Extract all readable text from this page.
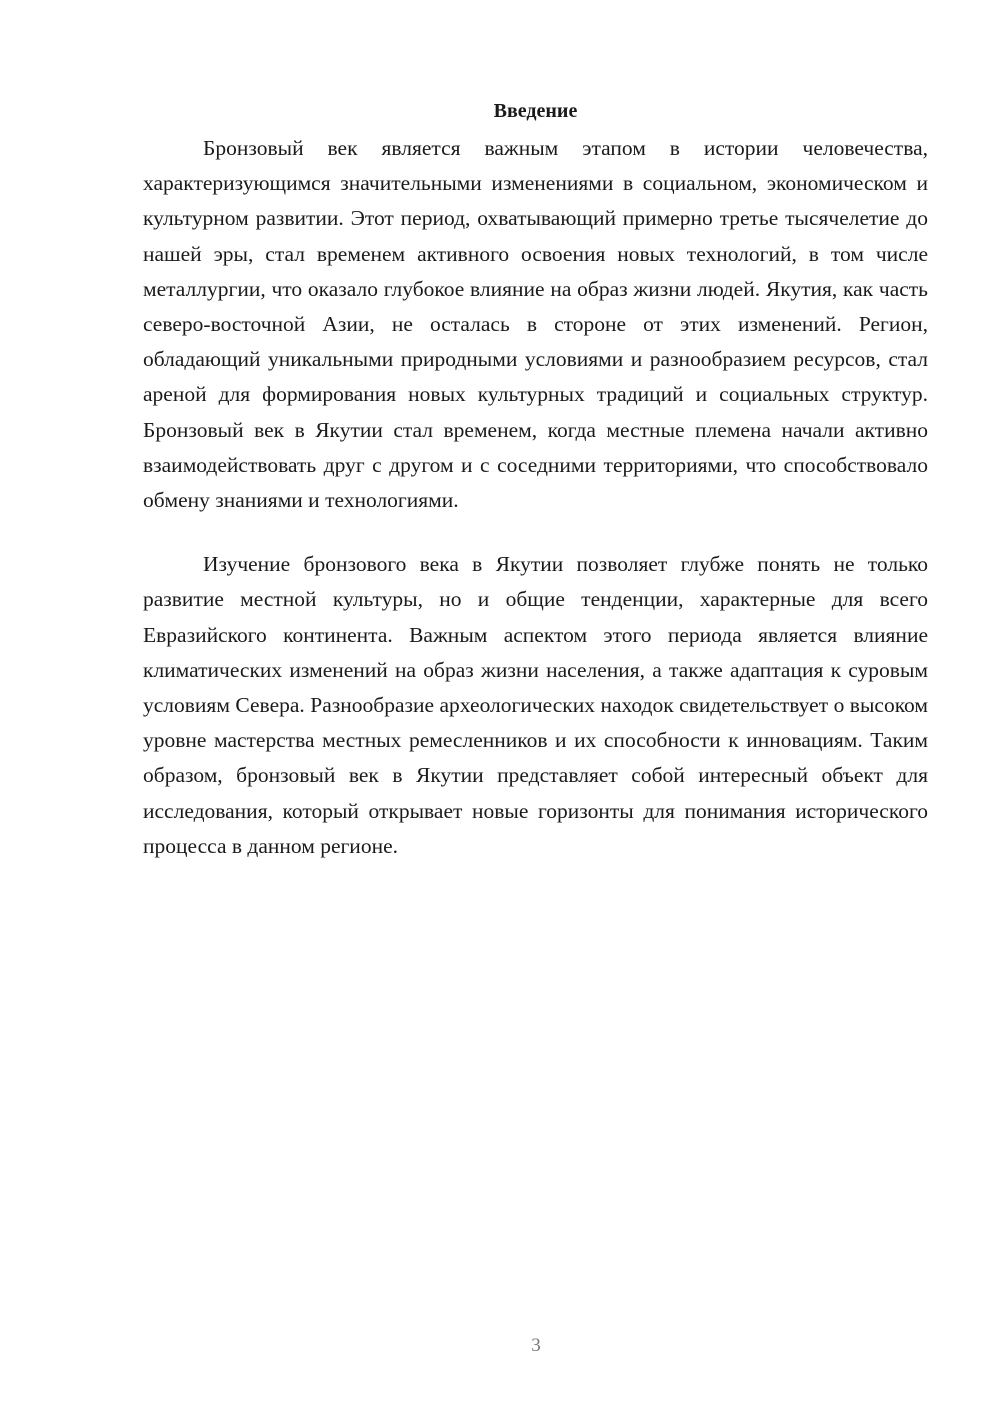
Введение

Бронзовый век является важным этапом в истории человечества, характеризующимся значительными изменениями в социальном, экономическом и культурном развитии. Этот период, охватывающий примерно третье тысячелетие до нашей эры, стал временем активного освоения новых технологий, в том числе металлургии, что оказало глубокое влияние на образ жизни людей. Якутия, как часть северо-восточной Азии, не осталась в стороне от этих изменений. Регион, обладающий уникальными природными условиями и разнообразием ресурсов, стал ареной для формирования новых культурных традиций и социальных структур. Бронзовый век в Якутии стал временем, когда местные племена начали активно взаимодействовать друг с другом и с соседними территориями, что способствовало обмену знаниями и технологиями.

Изучение бронзового века в Якутии позволяет глубже понять не только развитие местной культуры, но и общие тенденции, характерные для всего Евразийского континента. Важным аспектом этого периода является влияние климатических изменений на образ жизни населения, а также адаптация к суровым условиям Севера. Разнообразие археологических находок свидетельствует о высоком уровне мастерства местных ремесленников и их способности к инновациям. Таким образом, бронзовый век в Якутии представляет собой интересный объект для исследования, который открывает новые горизонты для понимания исторического процесса в данном регионе.

3
